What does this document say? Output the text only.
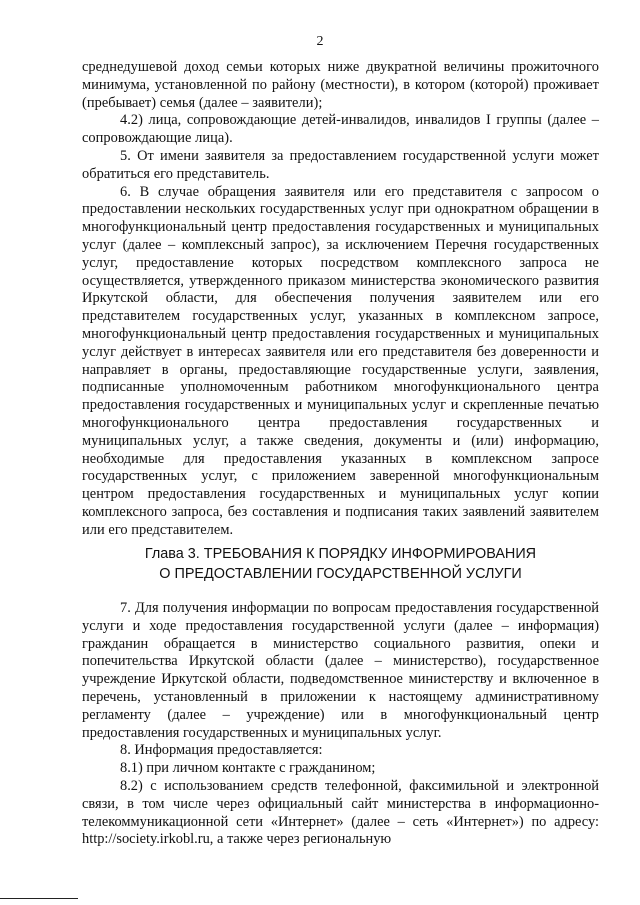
2

среднедушевой доход семьи которых ниже двукратной величины прожиточного минимума, установленной по району (местности), в котором (которой) проживает (пребывает) семья (далее – заявители);

4.2) лица, сопровождающие детей-инвалидов, инвалидов I группы (далее – сопровождающие лица).

5. От имени заявителя за предоставлением государственной услуги может обратиться его представитель.

6. В случае обращения заявителя или его представителя с запросом о предоставлении нескольких государственных услуг при однократном обращении в многофункциональный центр предоставления государственных и муниципальных услуг (далее – комплексный запрос), за исключением Перечня государственных услуг, предоставление которых посредством комплексного запроса не осуществляется, утвержденного приказом министерства экономического развития Иркутской области, для обеспечения получения заявителем или его представителем государственных услуг, указанных в комплексном запросе, многофункциональный центр предоставления государственных и муниципальных услуг действует в интересах заявителя или его представителя без доверенности и направляет в органы, предоставляющие государственные услуги, заявления, подписанные уполномоченным работником многофункционального центра предоставления государственных и муниципальных услуг и скрепленные печатью многофункционального центра предоставления государственных и муниципальных услуг, а также сведения, документы и (или) информацию, необходимые для предоставления указанных в комплексном запросе государственных услуг, с приложением заверенной многофункциональным центром предоставления государственных и муниципальных услуг копии комплексного запроса, без составления и подписания таких заявлений заявителем или его представителем.

Глава 3. ТРЕБОВАНИЯ К ПОРЯДКУ ИНФОРМИРОВАНИЯ
О ПРЕДОСТАВЛЕНИИ ГОСУДАРСТВЕННОЙ УСЛУГИ

7. Для получения информации по вопросам предоставления государственной услуги и ходе предоставления государственной услуги (далее – информация) гражданин обращается в министерство социального развития, опеки и попечительства Иркутской области (далее – министерство), государственное учреждение Иркутской области, подведомственное министерству и включенное в перечень, установленный в приложении к настоящему административному регламенту (далее – учреждение) или в многофункциональный центр предоставления государственных и муниципальных услуг.

8. Информация предоставляется:

8.1) при личном контакте с гражданином;

8.2) с использованием средств телефонной, факсимильной и электронной связи, в том числе через официальный сайт министерства в информационно-телекоммуникационной сети «Интернет» (далее – сеть «Интернет») по адресу: http://society.irkobl.ru, а также через региональную
